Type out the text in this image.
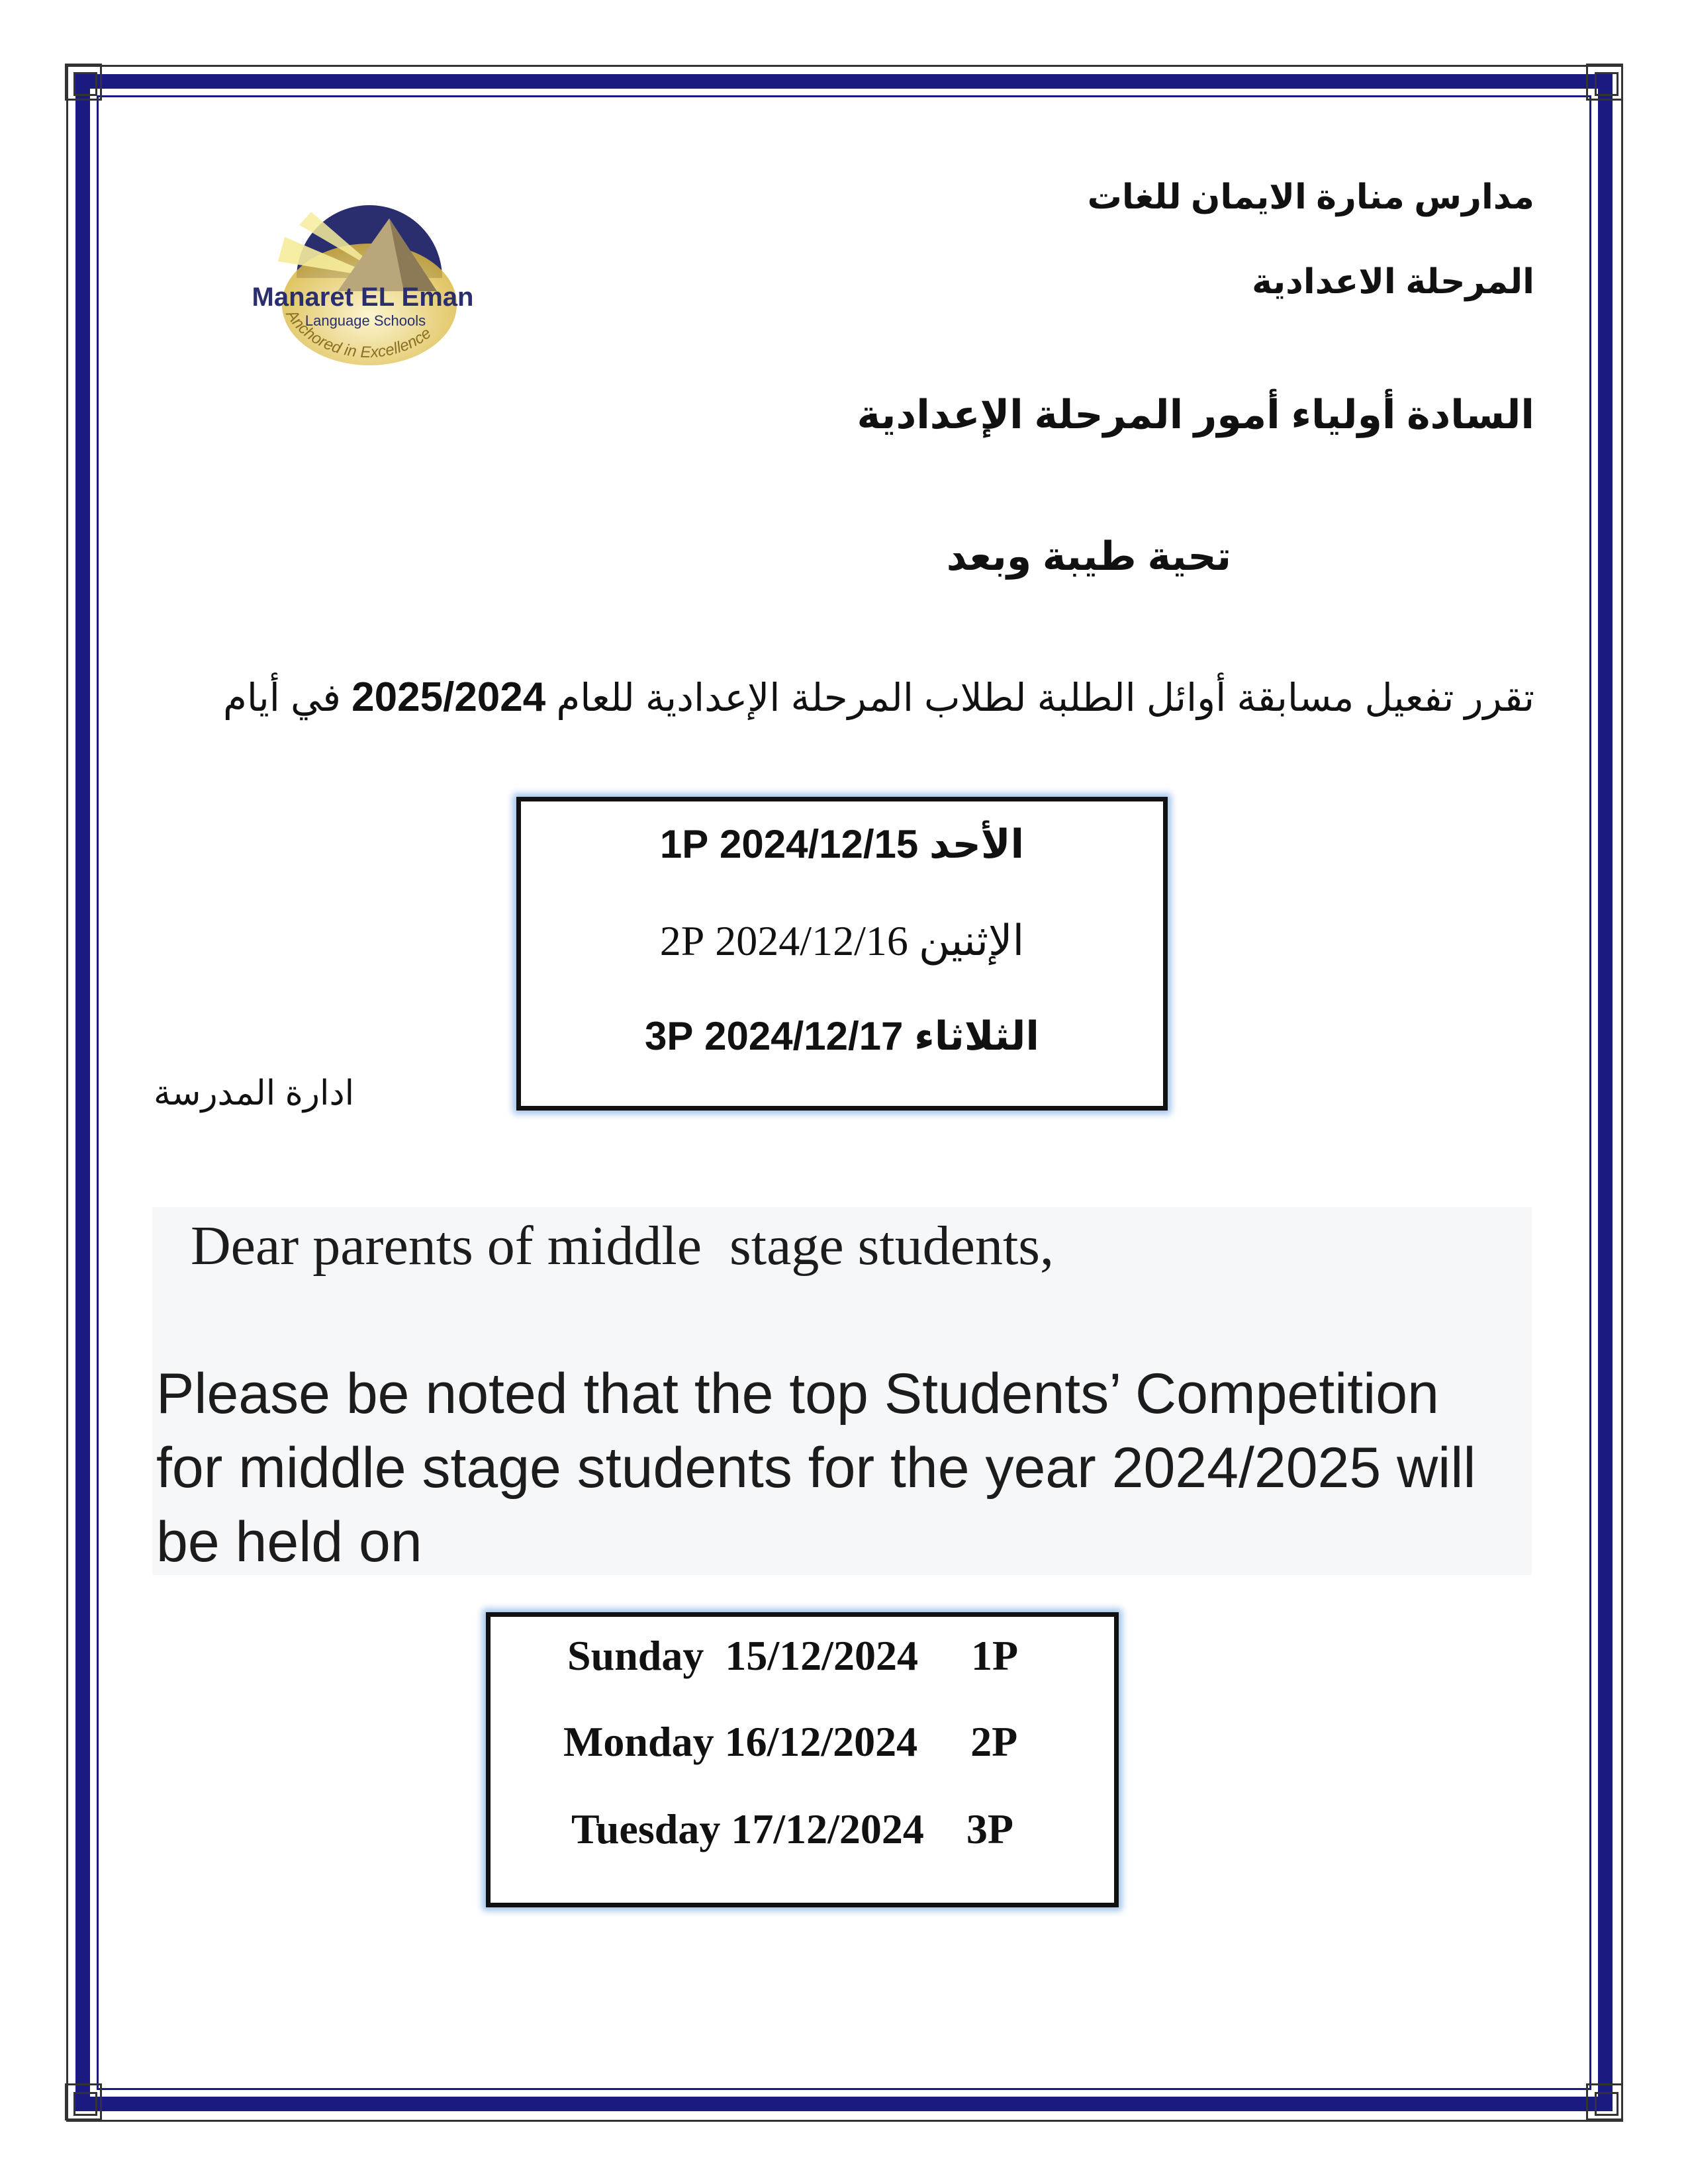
Manaret EL Eman
Language Schools
Anchored in Excellence
مدارس منارة الايمان للغات
المرحلة الاعدادية
السادة أولياء أمور المرحلة الإعدادية
تحية طيبة وبعد
تقرر تفعيل مسابقة أوائل الطلبة لطلاب المرحلة الإعدادية للعام 2025/2024 في أيام
الأحد 2024/12/15 1P
الإثنين 2024/12/16 2P
الثلاثاء 2024/12/17 3P
ادارة المدرسة
Dear parents of middle  stage students,
Please be noted that the top Students’ Competition
for middle stage students for the year 2024/2025 will
be held on
Sunday  15/12/2024     1P
Monday 16/12/2024     2P
Tuesday 17/12/2024    3P
